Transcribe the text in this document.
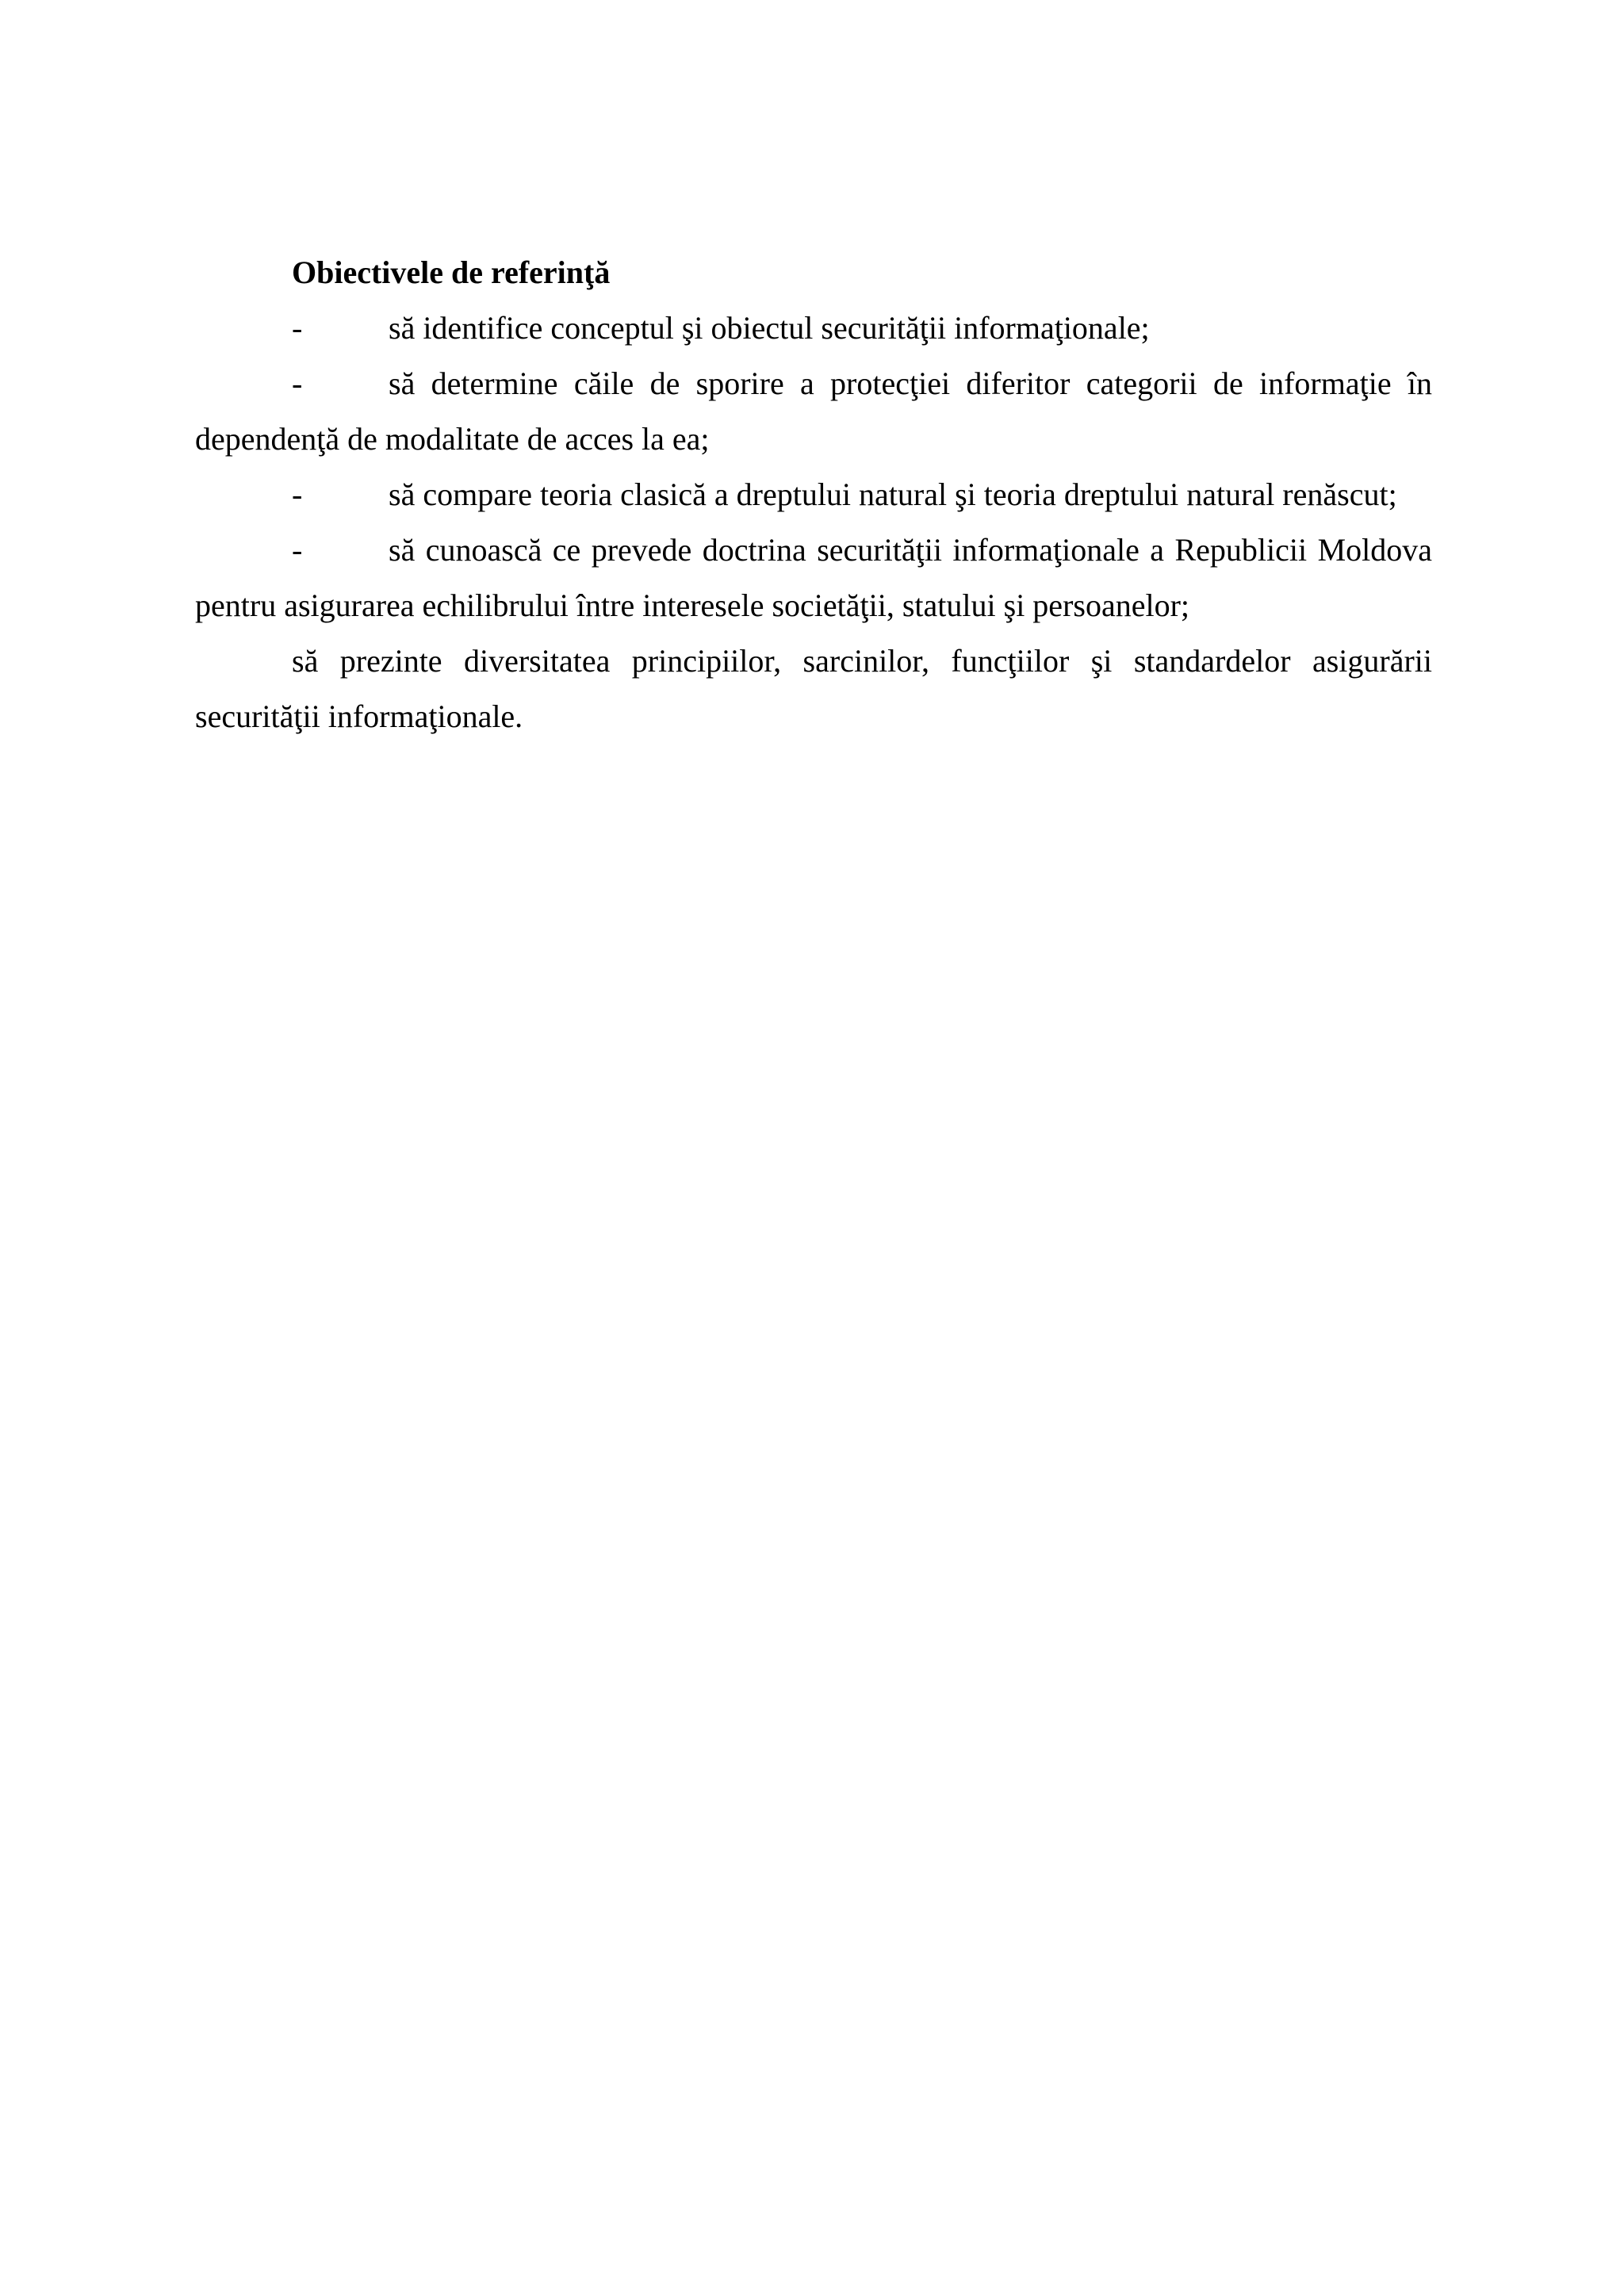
Obiectivele de referinţă

-	să identifice conceptul şi obiectul securităţii informaţionale;

-	să determine căile de sporire a protecţiei diferitor categorii de informaţie în dependenţă de modalitate de acces la ea;

-	să compare teoria clasică a dreptului natural şi teoria dreptului natural renăscut;

-	să cunoască ce prevede doctrina securităţii informaţionale a Republicii Moldova pentru asigurarea echilibrului între interesele societăţii, statului şi persoanelor;

să prezinte diversitatea principiilor, sarcinilor, funcţiilor şi standardelor asigurării securităţii informaţionale.
